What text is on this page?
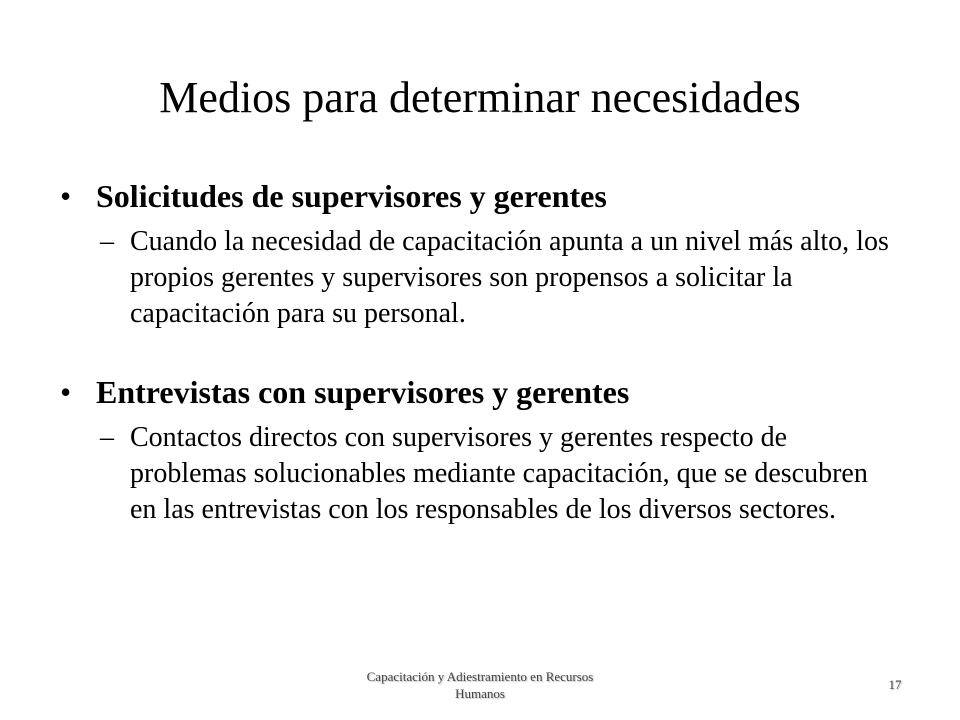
Medios para determinar necesidades
• Solicitudes de supervisores y gerentes
– Cuando la necesidad de capacitación apunta a un nivel más alto, los propios gerentes y supervisores son propensos a solicitar la capacitación para su personal.
• Entrevistas con supervisores y gerentes
– Contactos directos con supervisores y gerentes respecto de problemas solucionables mediante capacitación, que se descubren en las entrevistas con los responsables de los diversos sectores.
Capacitación y Adiestramiento en Recursos
Humanos
17
